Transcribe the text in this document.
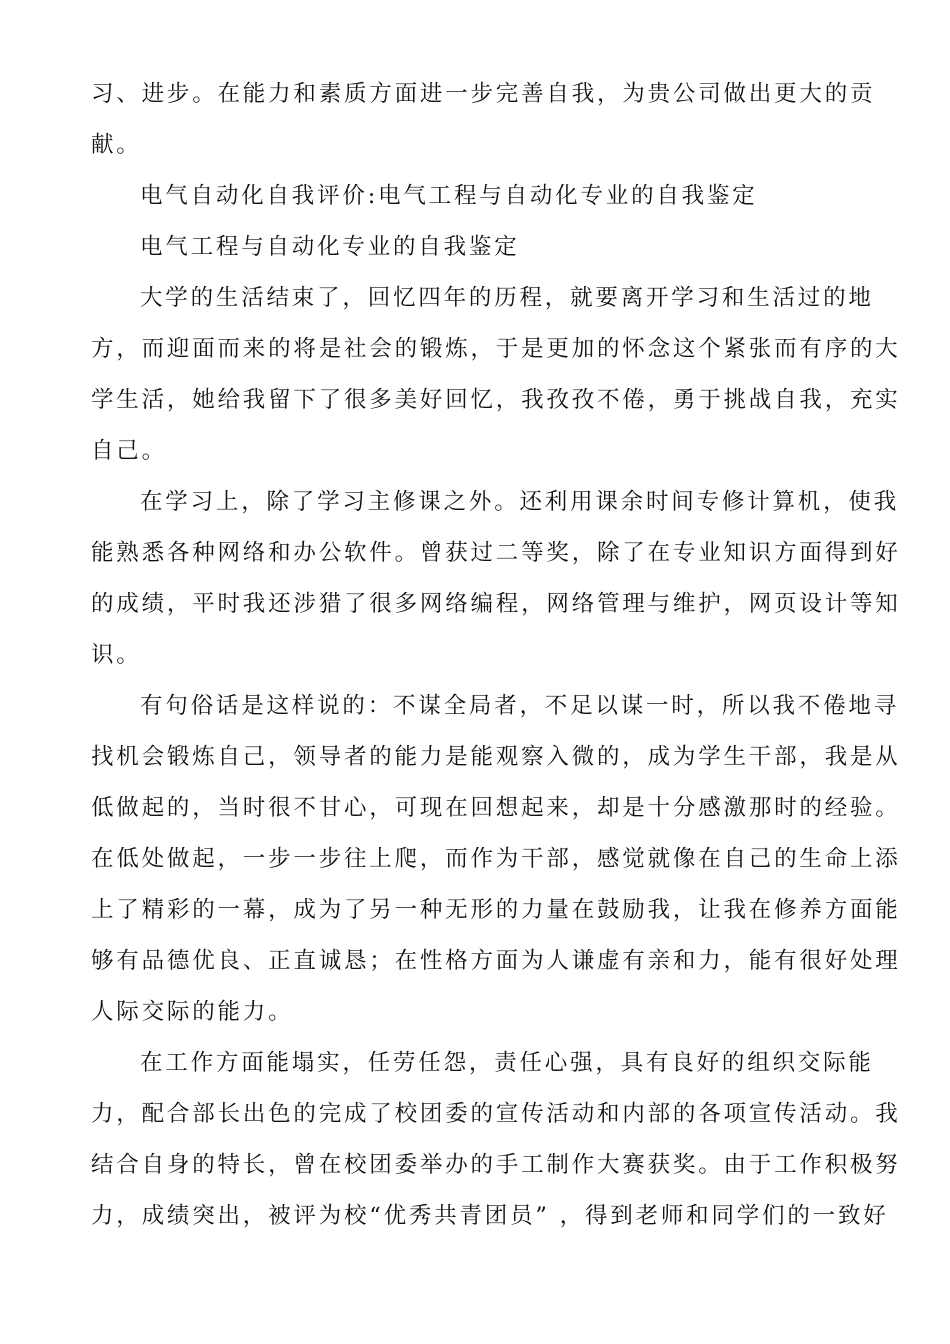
习、进步。在能力和素质方面进一步完善自我，为贵公司做出更大的贡
献。
电气自动化自我评价:电气工程与自动化专业的自我鉴定
电气工程与自动化专业的自我鉴定
大学的生活结束了，回忆四年的历程，就要离开学习和生活过的地
方，而迎面而来的将是社会的锻炼，于是更加的怀念这个紧张而有序的大
学生活，她给我留下了很多美好回忆，我孜孜不倦，勇于挑战自我，充实
自己。
在学习上，除了学习主修课之外。还利用课余时间专修计算机，使我
能熟悉各种网络和办公软件。曾获过二等奖，除了在专业知识方面得到好
的成绩，平时我还涉猎了很多网络编程，网络管理与维护，网页设计等知
识。
有句俗话是这样说的：不谋全局者，不足以谋一时，所以我不倦地寻
找机会锻炼自己，领导者的能力是能观察入微的，成为学生干部，我是从
低做起的，当时很不甘心，可现在回想起来，却是十分感激那时的经验。
在低处做起，一步一步往上爬，而作为干部，感觉就像在自己的生命上添
上了精彩的一幕，成为了另一种无形的力量在鼓励我，让我在修养方面能
够有品德优良、正直诚恳；在性格方面为人谦虚有亲和力，能有很好处理
人际交际的能力。
在工作方面能塌实，任劳任怨，责任心强，具有良好的组织交际能
力，配合部长出色的完成了校团委的宣传活动和内部的各项宣传活动。我
结合自身的特长，曾在校团委举办的手工制作大赛获奖。由于工作积极努
力，成绩突出，被评为校“优秀共青团员” ，得到老师和同学们的一致好
